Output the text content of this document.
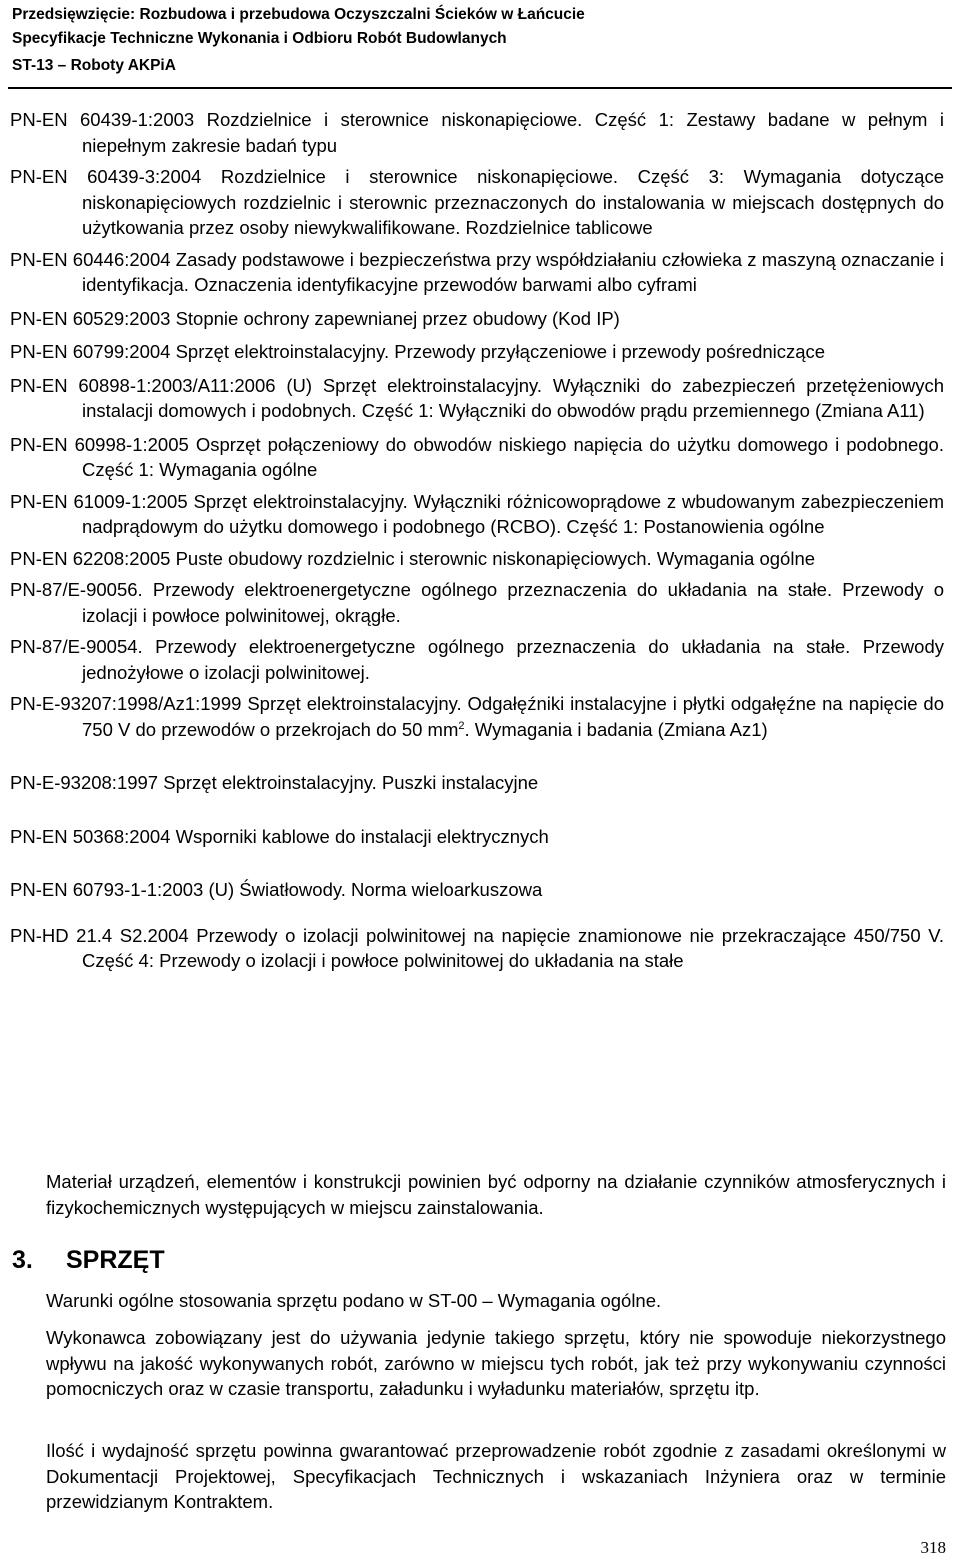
Przedsięwzięcie: Rozbudowa i przebudowa Oczyszczalni Ścieków w Łańcucie
Specyfikacje Techniczne Wykonania i Odbioru Robót Budowlanych
ST-13 – Roboty AKPiA

PN-EN 60439-1:2003 Rozdzielnice i sterownice niskonapięciowe. Część 1: Zestawy badane w pełnym i niepełnym zakresie badań typu

PN-EN 60439-3:2004 Rozdzielnice i sterownice niskonapięciowe. Część 3: Wymagania dotyczące niskonapięciowych rozdzielnic i sterownic przeznaczonych do instalowania w miejscach dostępnych do użytkowania przez osoby niewykwalifikowane. Rozdzielnice tablicowe

PN-EN 60446:2004 Zasady podstawowe i bezpieczeństwa przy współdziałaniu człowieka z maszyną oznaczanie i identyfikacja. Oznaczenia identyfikacyjne przewodów barwami albo cyframi

PN-EN 60529:2003 Stopnie ochrony zapewnianej przez obudowy (Kod IP)

PN-EN 60799:2004 Sprzęt elektroinstalacyjny. Przewody przyłączeniowe i przewody pośredniczące

PN-EN 60898-1:2003/A11:2006 (U) Sprzęt elektroinstalacyjny. Wyłączniki do zabezpieczeń przetężeniowych instalacji domowych i podobnych. Część 1: Wyłączniki do obwodów prądu przemiennego (Zmiana A11)

PN-EN 60998-1:2005 Osprzęt połączeniowy do obwodów niskiego napięcia do użytku domowego i podobnego. Część 1: Wymagania ogólne

PN-EN 61009-1:2005 Sprzęt elektroinstalacyjny. Wyłączniki różnicowoprądowe z wbudowanym zabezpieczeniem nadprądowym do użytku domowego i podobnego (RCBO). Część 1: Postanowienia ogólne

PN-EN 62208:2005 Puste obudowy rozdzielnic i sterownic niskonapięciowych. Wymagania ogólne

PN-87/E-90056. Przewody elektroenergetyczne ogólnego przeznaczenia do układania na stałe. Przewody o izolacji i powłoce polwinitowej, okrągłe.

PN-87/E-90054. Przewody elektroenergetyczne ogólnego przeznaczenia do układania na stałe. Przewody jednożyłowe o izolacji polwinitowej.

PN-E-93207:1998/Az1:1999 Sprzęt elektroinstalacyjny. Odgałęźniki instalacyjne i płytki odgałęźne na napięcie do 750 V do przewodów o przekrojach do 50 $mm^2$. Wymagania i badania (Zmiana Az1)

PN-E-93208:1997 Sprzęt elektroinstalacyjny. Puszki instalacyjne

PN-EN 50368:2004 Wsporniki kablowe do instalacji elektrycznych

PN-EN 60793-1-1:2003 (U) Światłowody. Norma wieloarkuszowa

PN-HD 21.4 S2.2004 Przewody o izolacji polwinitowej na napięcie znamionowe nie przekraczające 450/750 V. Część 4: Przewody o izolacji i powłoce polwinitowej do układania na stałe

Materiał urządzeń, elementów i konstrukcji powinien być odporny na działanie czynników atmosferycznych i fizykochemicznych występujących w miejscu zainstalowania.

3. SPRZĘT

Warunki ogólne stosowania sprzętu podano w ST-00 – Wymagania ogólne.

Wykonawca zobowiązany jest do używania jedynie takiego sprzętu, który nie spowoduje niekorzystnego wpływu na jakość wykonywanych robót, zarówno w miejscu tych robót, jak też przy wykonywaniu czynności pomocniczych oraz w czasie transportu, załadunku i wyładunku materiałów, sprzętu itp.

Ilość i wydajność sprzętu powinna gwarantować przeprowadzenie robót zgodnie z zasadami określonymi w Dokumentacji Projektowej, Specyfikacjach Technicznych i wskazaniach Inżyniera oraz w terminie przewidzianym Kontraktem.

318
